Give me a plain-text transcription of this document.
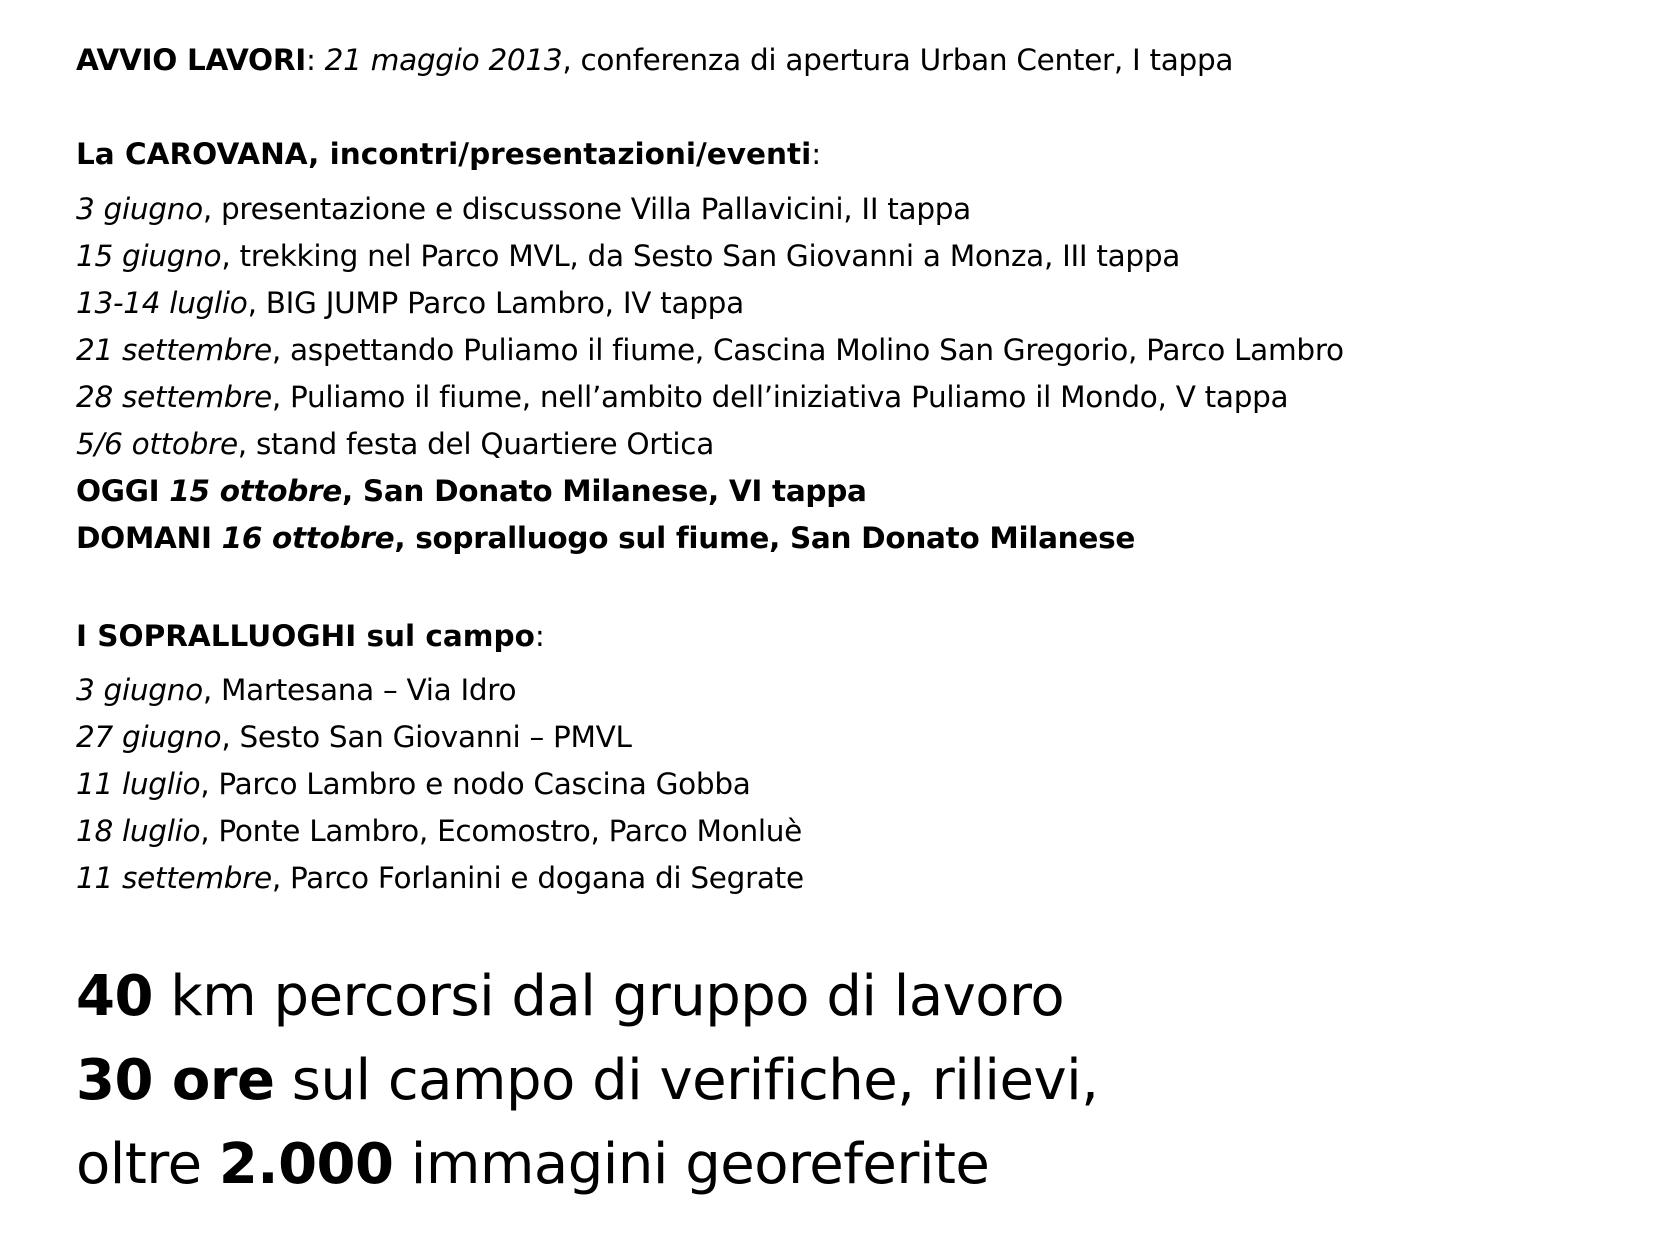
AVVIO LAVORI: 21 maggio 2013, conferenza di apertura Urban Center, I tappa
La CAROVANA, incontri/presentazioni/eventi:
3 giugno, presentazione e discussone Villa Pallavicini, II tappa
15 giugno, trekking nel Parco MVL, da Sesto San Giovanni a Monza, III tappa
13-14 luglio, BIG JUMP Parco Lambro, IV tappa
21 settembre, aspettando Puliamo il fiume, Cascina Molino San Gregorio, Parco Lambro
28 settembre, Puliamo il fiume, nell’ambito dell’iniziativa Puliamo il Mondo, V tappa
5/6 ottobre, stand festa del Quartiere Ortica
OGGI 15 ottobre, San Donato Milanese, VI tappa
DOMANI 16 ottobre, sopralluogo sul fiume, San Donato Milanese
I SOPRALLUOGHI sul campo:
3 giugno, Martesana – Via Idro
27 giugno, Sesto San Giovanni – PMVL
11 luglio, Parco Lambro e nodo Cascina Gobba
18 luglio, Ponte Lambro, Ecomostro, Parco Monluè
11 settembre, Parco Forlanini e dogana di Segrate
40 km percorsi dal gruppo di lavoro
30 ore sul campo di verifiche, rilievi,
oltre 2.000 immagini georeferite
